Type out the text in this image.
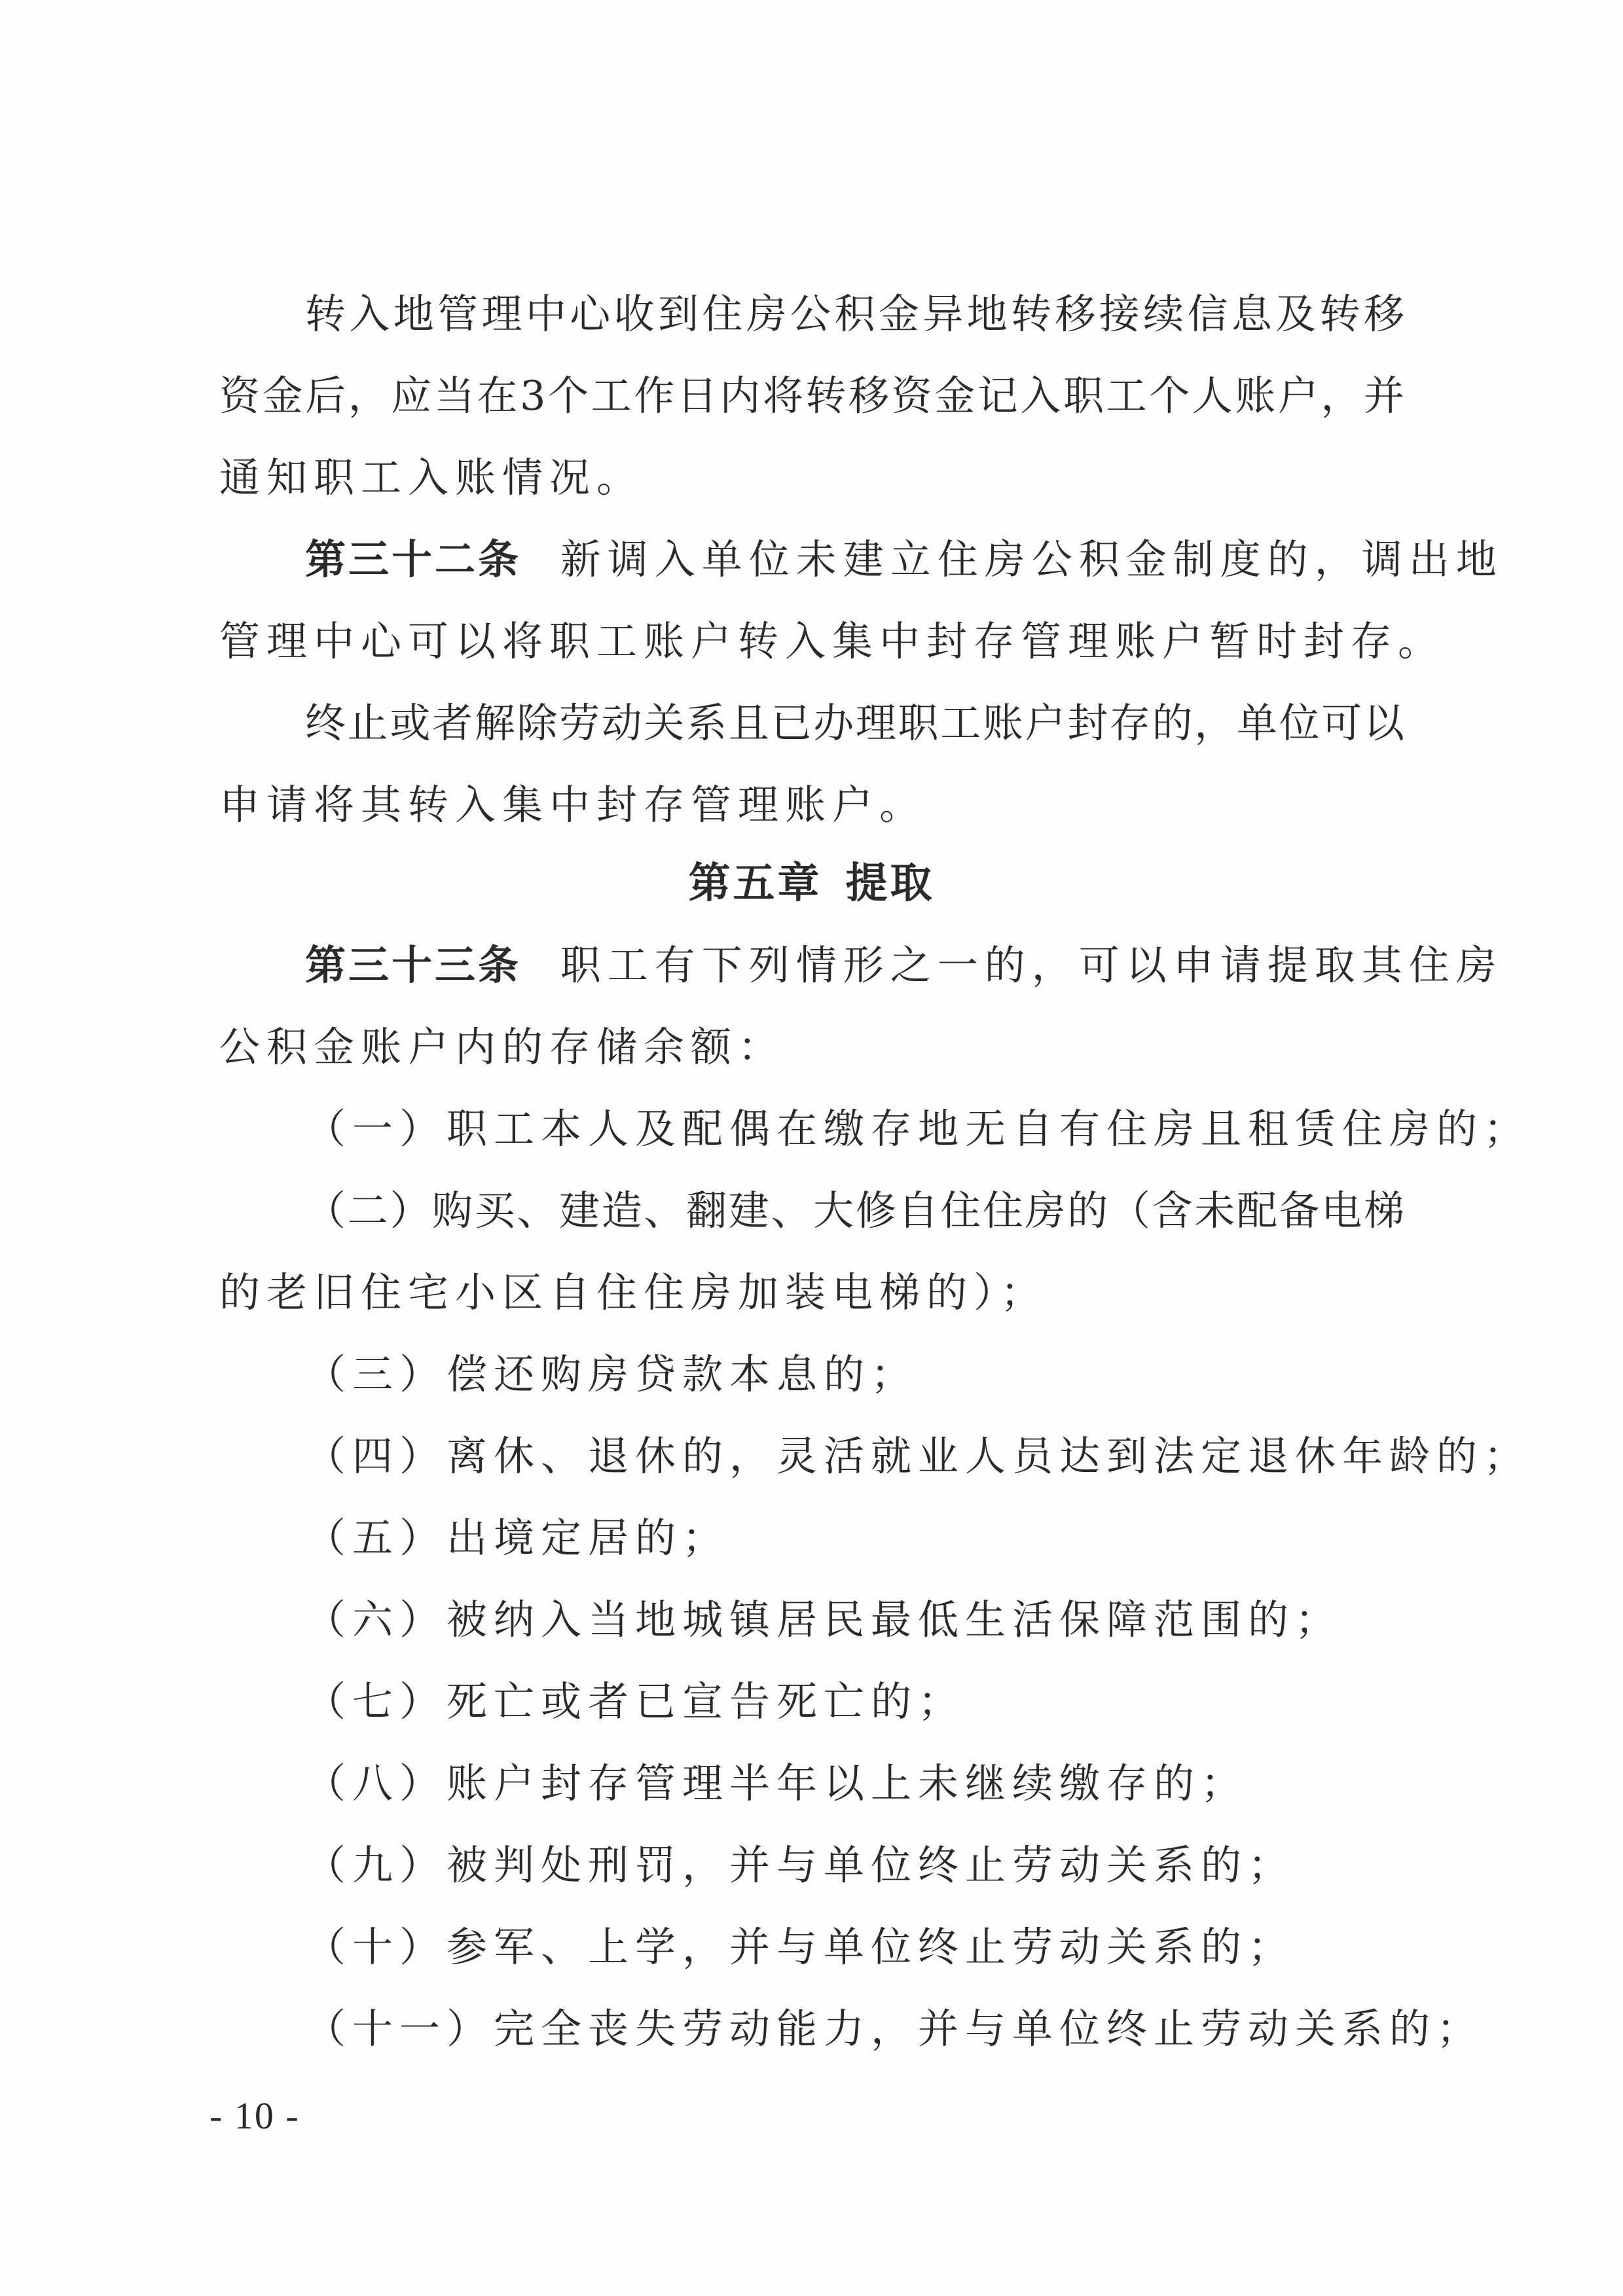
转入地管理中心收到住房公积金异地转移接续信息及转移
资金后，应当在3个工作日内将转移资金记入职工个人账户，并
通知职工入账情况。
第三十二条 新调入单位未建立住房公积金制度的，调出地
管理中心可以将职工账户转入集中封存管理账户暂时封存。
终止或者解除劳动关系且已办理职工账户封存的，单位可以
申请将其转入集中封存管理账户。
第五章 提取
第三十三条 职工有下列情形之一的，可以申请提取其住房
公积金账户内的存储余额：
（一）职工本人及配偶在缴存地无自有住房且租赁住房的；
（二）购买、建造、翻建、大修自住住房的（含未配备电梯
的老旧住宅小区自住住房加装电梯的）；
（三）偿还购房贷款本息的；
（四）离休、退休的，灵活就业人员达到法定退休年龄的；
（五）出境定居的；
（六）被纳入当地城镇居民最低生活保障范围的；
（七）死亡或者已宣告死亡的；
（八）账户封存管理半年以上未继续缴存的；
（九）被判处刑罚，并与单位终止劳动关系的；
（十）参军、上学，并与单位终止劳动关系的；
（十一）完全丧失劳动能力，并与单位终止劳动关系的；
- 10 -
